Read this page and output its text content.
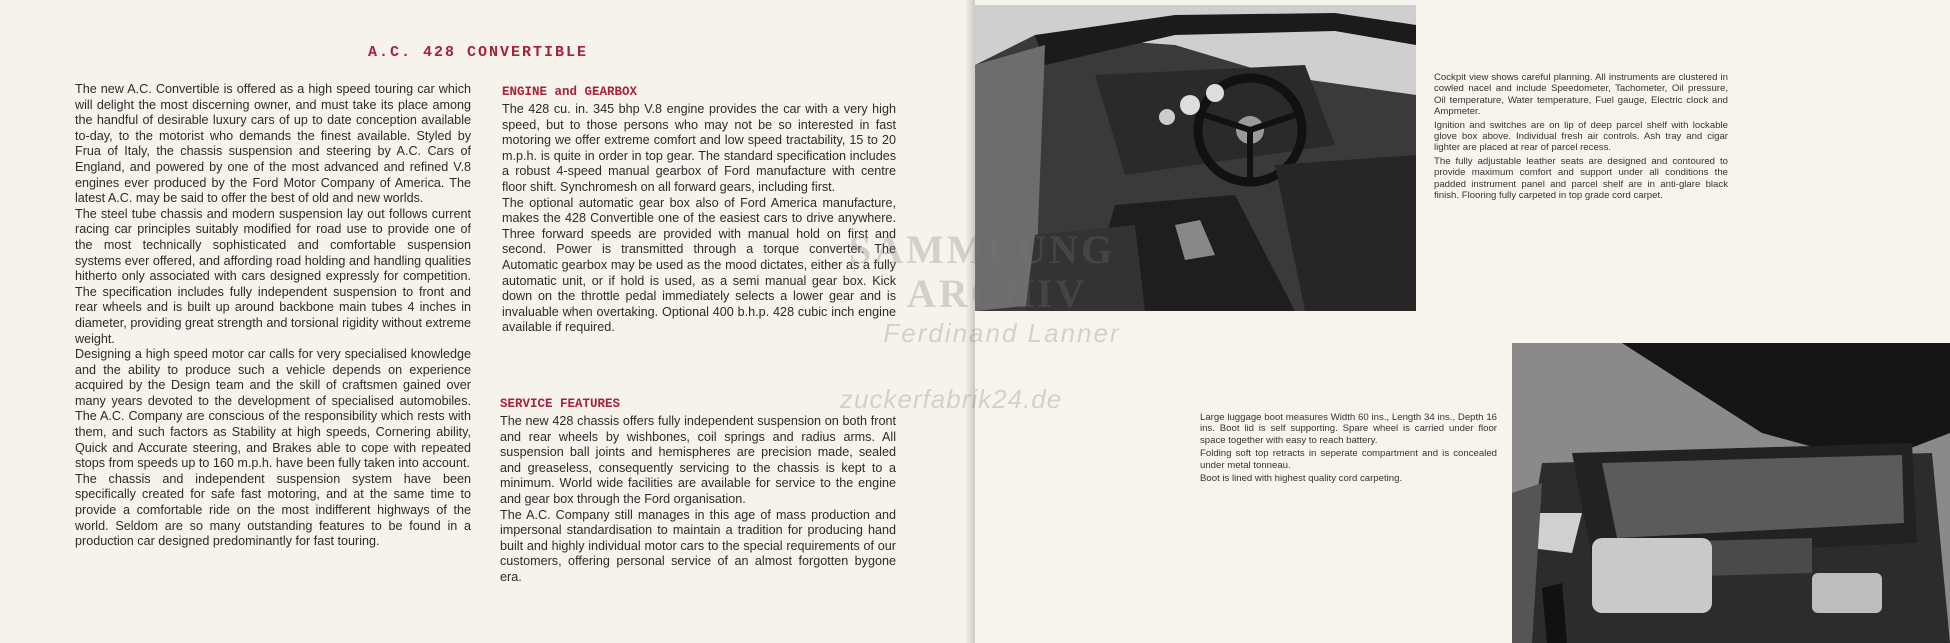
A.C. 428 CONVERTIBLE

The new A.C. Convertible is offered as a high speed touring car which will delight the most discerning owner, and must take its place among the handful of desirable luxury cars of up to date conception available to-day, to the motorist who demands the finest available. Styled by Frua of Italy, the chassis suspension and steering by A.C. Cars of England, and powered by one of the most advanced and refined V.8 engines ever produced by the Ford Motor Company of America. The latest A.C. may be said to offer the best of old and new worlds.

The steel tube chassis and modern suspension lay out follows current racing car principles suitably modified for road use to provide one of the most technically sophisticated and comfortable suspension systems ever offered, and affording road holding and handling qualities hitherto only associated with cars designed expressly for competition. The specification includes fully independent suspension to front and rear wheels and is built up around backbone main tubes 4 inches in diameter, providing great strength and torsional rigidity without extreme weight.

Designing a high speed motor car calls for very specialised knowledge and the ability to produce such a vehicle depends on experience acquired by the Design team and the skill of craftsmen gained over many years devoted to the development of specialised automobiles. The A.C. Company are conscious of the responsibility which rests with them, and such factors as Stability at high speeds, Cornering ability, Quick and Accurate steering, and Brakes able to cope with repeated stops from speeds up to 160 m.p.h. have been fully taken into account.

The chassis and independent suspension system have been specifically created for safe fast motoring, and at the same time to provide a comfortable ride on the most indifferent highways of the world. Seldom are so many outstanding features to be found in a production car designed predominantly for fast touring.

ENGINE and GEARBOX

The 428 cu. in. 345 bhp V.8 engine provides the car with a very high speed, but to those persons who may not be so interested in fast motoring we offer extreme comfort and low speed tractability, 15 to 20 m.p.h. is quite in order in top gear. The standard specification includes a robust 4-speed manual gearbox of Ford manufacture with centre floor shift. Synchromesh on all forward gears, including first.

The optional automatic gear box also of Ford America manufacture, makes the 428 Convertible one of the easiest cars to drive anywhere. Three forward speeds are provided with manual hold on first and second. Power is transmitted through a torque converter. The Automatic gearbox may be used as the mood dictates, either as a fully automatic unit, or if hold is used, as a semi manual gear box. Kick down on the throttle pedal immediately selects a lower gear and is invaluable when overtaking. Optional 400 b.h.p. 428 cubic inch engine available if required.

SERVICE FEATURES

The new 428 chassis offers fully independent suspension on both front and rear wheels by wishbones, coil springs and radius arms. All suspension ball joints and hemispheres are precision made, sealed and greaseless, consequently servicing to the chassis is kept to a minimum. World wide facilities are available for service to the engine and gear box through the Ford organisation.

The A.C. Company still manages in this age of mass production and impersonal standardisation to maintain a tradition for producing hand built and highly individual motor cars to the special requirements of our customers, offering personal service of an almost forgotten bygone era.

Cockpit view shows careful planning. All instruments are clustered in cowled nacel and include Speedometer, Tachometer, Oil pressure, Oil temperature, Water temperature, Fuel gauge, Electric clock and Ampmeter.

Ignition and switches are on lip of deep parcel shelf with lockable glove box above. Individual fresh air controls. Ash tray and cigar lighter are placed at rear of parcel recess.

The fully adjustable leather seats are designed and contoured to provide maximum comfort and support under all conditions the padded instrument panel and parcel shelf are in anti-glare black finish. Flooring fully carpeted in top grade cord carpet.

Large luggage boot measures Width 60 ins., Length 34 ins., Depth 16 ins. Boot lid is self supporting. Spare wheel is carried under floor space together with easy to reach battery.

Folding soft top retracts in seperate compartment and is concealed under metal tonneau.

Boot is lined with highest quality cord carpeting.

SAMMLUNG
ARCHIV
Ferdinand Lanner
zuckerfabrik24.de
